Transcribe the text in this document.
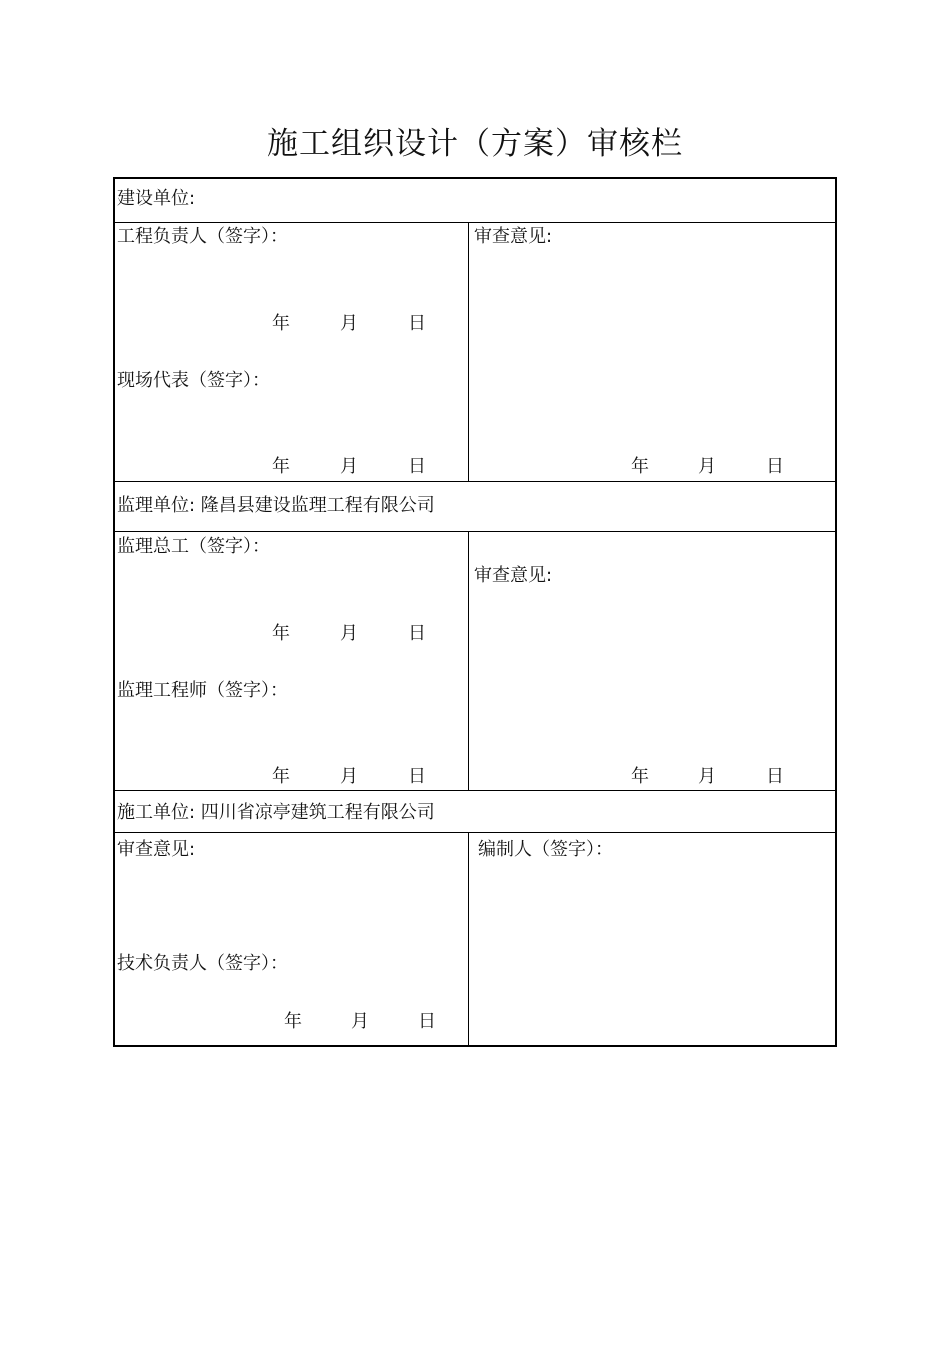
施工组织设计（方案）审核栏
建设单位:
工程负责人（签字）：
年	月	日
现场代表（签字）：
年	月	日
审查意见:
年	月	日
监理单位: 隆昌县建设监理工程有限公司
监理总工（签字）：
年	月	日
监理工程师（签字）：
年	月	日
审查意见:
年	月	日
施工单位: 四川省凉亭建筑工程有限公司
审查意见:
技术负责人（签字）：
年	月	日
编制人（签字）：
